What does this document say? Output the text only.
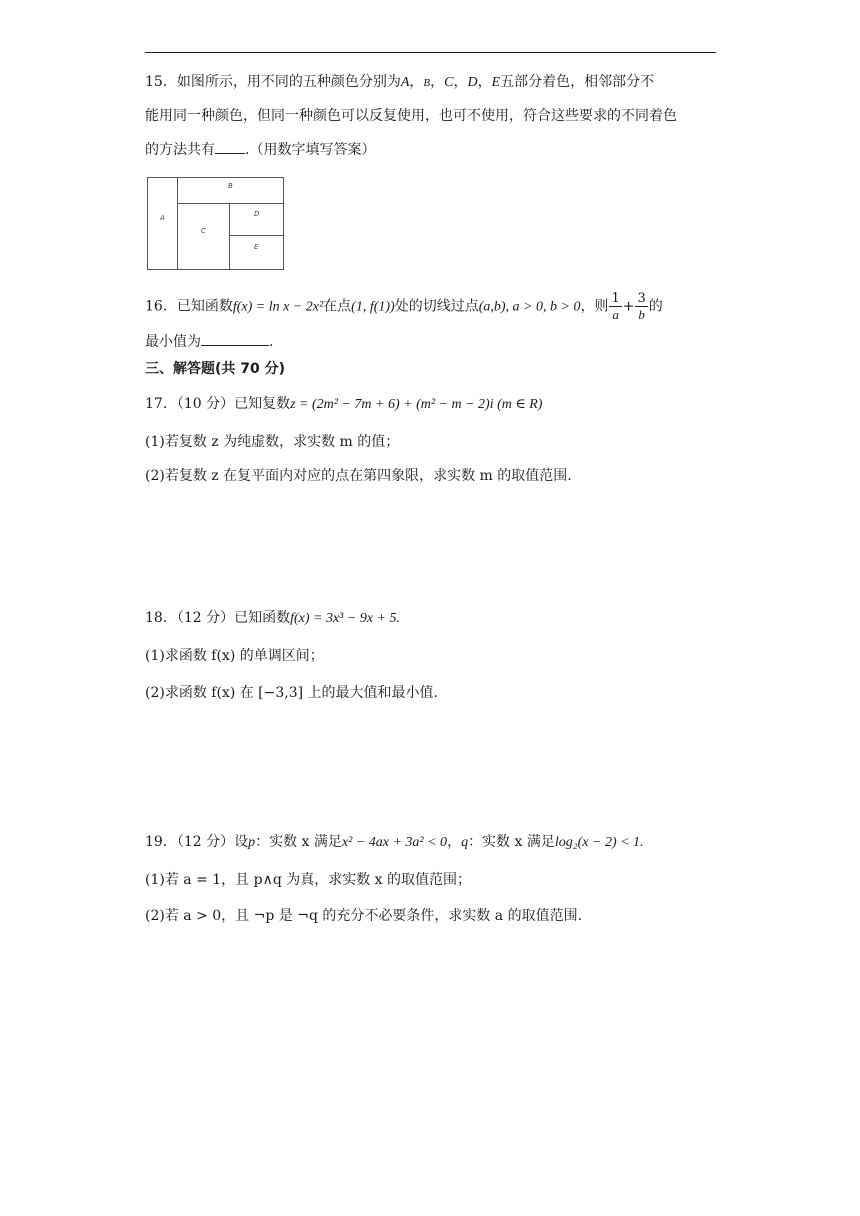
15．如图所示，用不同的五种颜色分别为A，B，C，D，E五部分着色，相邻部分不
能用同一种颜色，但同一种颜色可以反复使用，也可不使用，符合这些要求的不同着色
的方法共有 .（用数字填写答案）
A
B
C
D
E
16．已知函数f(x) = ln x − 2x²在点(1, f(1))处的切线过点(a,b), a > 0, b > 0，则 $\frac{1}{a} + \frac{3}{b}$ 的
最小值为	.
三、解答题(共 70 分)
17．（10 分）已知复数z = (2m² − 7m + 6) + (m² − m − 2)i (m ∈ R)
(1)若复数 z 为纯虚数，求实数 m 的值；
(2)若复数 z 在复平面内对应的点在第四象限，求实数 m 的取值范围.
18．（12 分）已知函数f(x) = 3x³ − 9x + 5.
(1)求函数 f(x) 的单调区间；
(2)求函数 f(x) 在 [−3,3] 上的最大值和最小值.
19．（12 分）设p：实数 x 满足x² − 4ax + 3a² < 0，q：实数 x 满足log₂(x − 2) < 1.
(1)若 a = 1，且 p∧q 为真，求实数 x 的取值范围；
(2)若 a > 0，且 ¬p 是 ¬q 的充分不必要条件，求实数 a 的取值范围.
